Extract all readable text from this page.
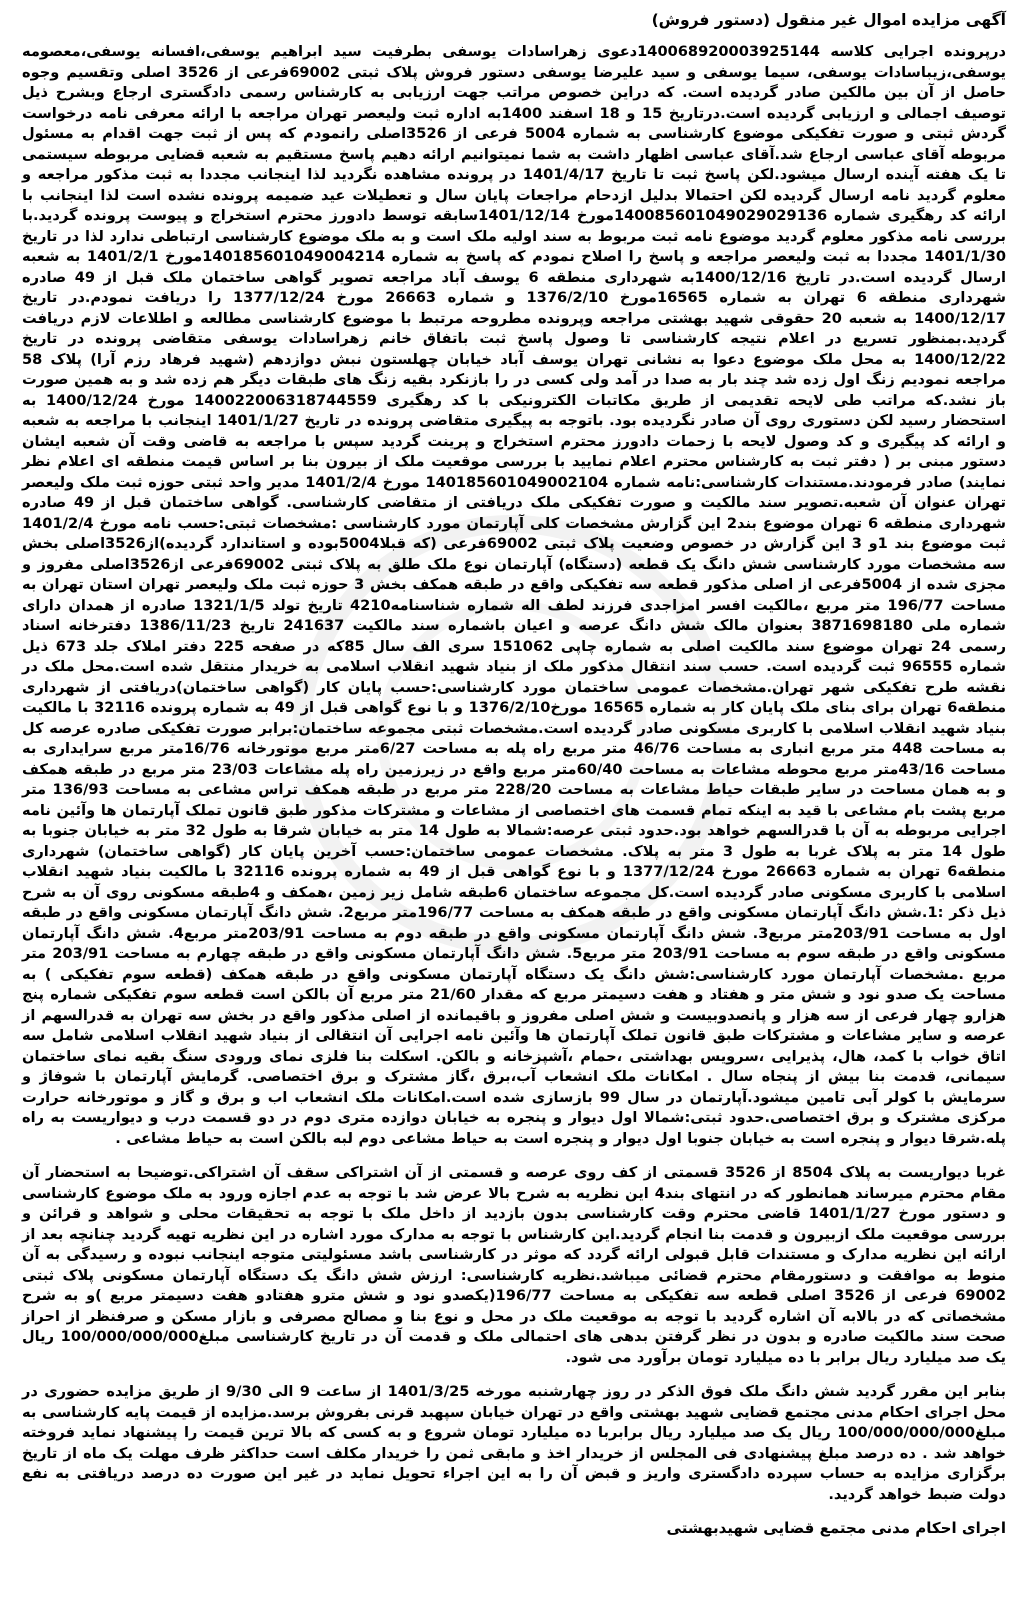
آگهی مزایده اموال غیر منقول (دستور فروش)

درپرونده اجرایی کلاسه 140068920003925144دعوی زهراسادات یوسفی بطرفیت سید ابراهیم یوسفی،افسانه یوسفی،معصومه یوسفی،زیباسادات یوسفی، سیما یوسفی و سید علیرضا یوسفی دستور فروش پلاک ثبتی 69002فرعی از 3526 اصلی وتقسیم وجوه حاصل از آن بین مالکین صادر گردیده است. که دراین خصوص مراتب جهت ارزیابی به کارشناس رسمی دادگستری ارجاع وبشرح ذیل توصیف اجمالی و ارزیابی گردیده است.درتاریخ 15 و 18 اسفند 1400به اداره ثبت ولیعصر تهران مراجعه با ارائه معرفی نامه درخواست گردش ثبتی و صورت تفکیکی موضوع کارشناسی به شماره 5004 فرعی از 3526اصلی رانمودم که پس از ثبت جهت اقدام به مسئول مربوطه آقای عباسی ارجاع شد.آقای عباسی اظهار داشت به شما نمیتوانیم ارائه دهیم پاسخ مستقیم به شعبه قضایی مربوطه سیستمی تا یک هفته آینده ارسال میشود.لکن پاسخ ثبت تا تاریخ 1401/4/17 در پرونده مشاهده نگردید لذا اینجانب مجددا به ثبت مذکور مراجعه و معلوم گردید نامه ارسال گردیده لکن احتمالا بدلیل ازدحام مراجعات پایان سال و تعطیلات عید ضمیمه پرونده نشده است لذا اینجانب با ارائه کد رهگیری شماره 140085601049029029136مورخ 1401/12/14سابقه توسط دادورز محترم استخراج و پیوست پرونده گردید.با بررسی نامه مذکور معلوم گردید موضوع نامه ثبت مربوط به سند اولیه ملک است و به ملک موضوع کارشناسی ارتباطی ندارد لذا در تاریخ 1401/1/30 مجددا به ثبت ولیعصر مراجعه و پاسخ را اصلاح نمودم که پاسخ به شماره 140185601049004214مورخ 1401/2/1 به شعبه ارسال گردیده است.در تاریخ 1400/12/16به شهرداری منطقه 6 یوسف آباد مراجعه تصویر گواهی ساختمان ملک قبل از 49 صادره شهرداری منطقه 6 تهران به شماره 16565مورخ 1376/2/10 و شماره 26663 مورخ 1377/12/24 را دریافت نمودم.در تاریخ 1400/12/17 به شعبه 20 حقوقی شهید بهشتی مراجعه وپرونده مطروحه مرتبط با موضوع کارشناسی مطالعه و اطلاعات لازم دریافت گردید.بمنظور تسریع در اعلام نتیجه کارشناسی تا وصول پاسخ ثبت باتفاق خانم زهراسادات یوسفی متقاضی پرونده در تاریخ 1400/12/22 به محل ملک موضوع دعوا به نشانی تهران یوسف آباد خیابان چهلستون نبش دوازدهم (شهید فرهاد رزم آرا) پلاک 58 مراجعه نمودیم زنگ اول زده شد چند بار به صدا در آمد ولی کسی در را بازنکرد بقیه زنگ های طبقات دیگر هم زده شد و به همین صورت باز نشد.که مراتب طی لایحه تقدیمی از طریق مکاتبات الکترونیکی با کد رهگیری 140022006318744559 مورخ 1400/12/24 به استحضار رسید لکن دستوری روی آن صادر نگردیده بود. باتوجه به پیگیری متقاضی پرونده در تاریخ 1401/1/27 اینجانب با مراجعه به شعبه و ارائه کد پیگیری و کد وصول لایحه با زحمات دادورز محترم استخراج و پرینت گردید سپس با مراجعه به قاضی وقت آن شعبه ایشان دستور مبنی بر ( دفتر ثبت به کارشناس محترم اعلام نمایید با بررسی موقعیت ملک از بیرون بنا بر اساس قیمت منطقه ای اعلام نظر نمایند) صادر فرمودند.مستندات کارشناسی:نامه شماره 140185601049002104 مورخ 1401/2/4 مدیر واحد ثبتی حوزه ثبت ملک ولیعصر تهران عنوان آن شعبه.تصویر سند مالکیت و صورت تفکیکی ملک دریافتی از متقاضی کارشناسی. گواهی ساختمان قبل از 49 صادره شهرداری منطقه 6 تهران موضوع بند2 این گزارش مشخصات کلی آپارتمان مورد کارشناسی :مشخصات ثبتی:حسب نامه مورخ 1401/2/4 ثبت موضوع بند 1و 3 این گزارش در خصوص وضعیت پلاک ثبتی 69002فرعی (که قبلا5004بوده و استاندارد گردیده)از3526اصلی بخش سه مشخصات مورد کارشناسی شش دانگ یک قطعه (دستگاه) آپارتمان نوع ملک طلق به پلاک ثبتی 69002فرعی از3526اصلی مفروز و مجزی شده از 5004فرعی از اصلی مذکور قطعه سه تفکیکی واقع در طبقه همکف بخش 3 حوزه ثبت ملک ولیعصر تهران استان تهران به مساحت 196/77 متر مربع ،مالکیت افسر امزاجدی فرزند لطف اله شماره شناسنامه4210 تاریخ تولد 1321/1/5 صادره از همدان دارای شماره ملی 3871698180 بعنوان مالک شش دانگ عرصه و اعیان باشماره سند مالکیت 241637 تاریخ 1386/11/23 دفترخانه اسناد رسمی 24 تهران موضوع سند مالکیت اصلی به شماره چاپی 151062 سری الف سال 85که در صفحه 225 دفتر املاک جلد 673 ذیل شماره 96555 ثبت گردیده است. حسب سند انتقال مذکور ملک از بنیاد شهید انقلاب اسلامی به خریدار منتقل شده است.محل ملک در نقشه طرح تفکیکی شهر تهران.مشخصات عمومی ساختمان مورد کارشناسی:حسب پایان کار (گواهی ساختمان)دریافتی از شهرداری منطقه6 تهران برای بنای ملک پایان کار به شماره 16565 مورخ1376/2/10 و با نوع گواهی قبل از 49 به شماره پرونده 32116 با مالکیت بنیاد شهید انقلاب اسلامی با کاربری مسکونی صادر گردیده است.مشخصات ثبتی مجموعه ساختمان:برابر صورت تفکیکی صادره عرصه کل به مساحت 448 متر مربع انباری به مساحت 46/76 متر مربع راه پله به مساحت 6/27متر مربع موتورخانه 16/76متر مربع سرایداری به مساحت 43/16متر مربع محوطه مشاعات به مساحت 60/40متر مربع واقع در زیرزمین راه پله مشاعات 23/03 متر مربع در طبقه همکف و به همان مساحت در سایر طبقات حیاط مشاعات به مساحت 228/20 متر مربع در طبقه همکف تراس مشاعی به مساحت 136/93 متر مربع پشت بام مشاعی با قید به اینکه تمام قسمت های اختصاصی از مشاعات و مشترکات مذکور طبق قانون تملک آپارتمان ها وآئین نامه اجرایی مربوطه به آن با قدرالسهم خواهد بود.حدود ثبتی عرصه:شمالا به طول 14 متر به خیابان شرقا به طول 32 متر به خیابان جنوبا به طول 14 متر به پلاک غربا به طول 3 متر به پلاک. مشخصات عمومی ساختمان:حسب آخرین پایان کار (گواهی ساختمان) شهرداری منطقه6 تهران به شماره 26663 مورخ 1377/12/24 و با نوع گواهی قبل از 49 به شماره پرونده 32116 با مالکیت بنیاد شهید انقلاب اسلامی با کاربری مسکونی صادر گردیده است.کل مجموعه ساختمان 6طبقه شامل زیر زمین ،همکف و 4طبقه مسکونی روی آن به شرح ذیل ذکر :1.شش دانگ آپارتمان مسکونی واقع در طبقه همکف به مساحت 196/77متر مربع2. شش دانگ آپارتمان مسکونی واقع در طبقه اول به مساحت 203/91متر مربع3. شش دانگ آپارتمان مسکونی واقع در طبقه دوم به مساحت 203/91متر مربع4. شش دانگ آپارتمان مسکونی واقع در طبقه سوم به مساحت 203/91 متر مربع5. شش دانگ آپارتمان مسکونی واقع در طبقه چهارم به مساحت 203/91 متر مربع .مشخصات آپارتمان مورد کارشناسی:شش دانگ یک دستگاه آپارتمان مسکونی واقع در طبقه همکف (قطعه سوم تفکیکی ) به مساحت یک صدو نود و شش متر و هفتاد و هفت دسیمتر مربع که مقدار 21/60 متر مربع آن بالکن است قطعه سوم تفکیکی شماره پنج هزارو چهار فرعی از سه هزار و پانصدوبیست و شش اصلی مفروز و باقیمانده از اصلی مذکور واقع در بخش سه تهران به قدرالسهم از عرصه و سایر مشاعات و مشترکات طبق قانون تملک آپارتمان ها وآئین نامه اجرایی آن انتقالی از بنیاد شهید انقلاب اسلامی شامل سه اتاق خواب با کمد، هال، پذیرایی ،سرویس بهداشتی ،حمام ،آشپزخانه و بالکن. اسکلت بنا فلزی نمای ورودی سنگ بقیه نمای ساختمان سیمانی، قدمت بنا بیش از پنجاه سال . امکانات ملک انشعاب آب،برق ،گاز مشترک و برق اختصاصی. گرمایش آپارتمان با شوفاژ و سرمایش با کولر آبی تامین میشود.آپارتمان در سال 99 بازسازی شده است.امکانات ملک انشعاب اب و برق و گاز و موتورخانه حرارت مرکزی مشترک و برق اختصاصی.حدود ثبتی:شمالا اول دیوار و پنجره به خیابان دوازده متری دوم در دو قسمت درب و دیواریست به راه پله.شرقا دیوار و پنجره است به خیابان جنوبا اول دیوار و پنجره است به حیاط مشاعی دوم لبه بالکن است به حیاط مشاعی .

غربا دیواریست به پلاک 8504 از 3526 قسمتی از کف روی عرصه و قسمتی از آن اشتراکی سقف آن اشتراکی.توضیحا به استحضار آن مقام محترم میرساند همانطور که در انتهای بند4 این نظریه به شرح بالا عرض شد با توجه به عدم اجازه ورود به ملک موضوع کارشناسی و دستور مورخ 1401/1/27 قاضی محترم وقت کارشناسی بدون بازدید از داخل ملک با توجه به تحقیقات محلی و شواهد و قرائن و بررسی موقعیت ملک ازبیرون و قدمت بنا انجام گردید.این کارشناس با توجه به مدارک مورد اشاره در این نظریه تهیه گردید چنانچه بعد از ارائه این نظریه مدارک و مستندات قابل قبولی ارائه گردد که موثر در کارشناسی باشد مسئولیتی متوجه اینجانب نبوده و رسیدگی به آن منوط به موافقت و دستورمقام محترم قضائی میباشد.نظریه کارشناسی: ارزش شش دانگ یک دستگاه آپارتمان مسکونی پلاک ثبتی 69002 فرعی از 3526 اصلی قطعه سه تفکیکی به مساحت 196/77(یکصدو نود و شش مترو هفتادو هفت دسیمتر مربع )و به شرح مشخصاتی که در بالابه آن اشاره گردید با توجه به موقعیت ملک در محل و نوع بنا و مصالح مصرفی و بازار مسکن و صرفنظر از احراز صحت سند مالکیت صادره و بدون در نظر گرفتن بدهی های احتمالی ملک و قدمت آن در تاریخ کارشناسی مبلغ100/000/000/000 ریال یک صد میلیارد ریال برابر با ده میلیارد تومان برآورد می شود.

بنابر این مقرر گردید شش دانگ ملک فوق الذکر در روز چهارشنبه مورخه 1401/3/25 از ساعت 9 الی 9/30 از طریق مزایده حضوری در محل اجرای احکام مدنی مجتمع قضایی شهید بهشتی واقع در تهران خیابان سپهبد قرنی بفروش برسد.مزایده از قیمت پایه کارشناسی به مبلغ100/000/000/000 ریال یک صد میلیارد ریال برابربا ده میلیارد تومان شروع و به کسی که بالا ترین قیمت را پیشنهاد نماید فروخته خواهد شد . ده درصد مبلغ پیشنهادی فی المجلس از خریدار اخذ و مابقی ثمن را خریدار مکلف است حداکثر ظرف مهلت یک ماه از تاریخ برگزاری مزایده به حساب سپرده دادگستری واریز و قبض آن را به این اجراء تحویل نماید در غیر این صورت ده درصد دریافتی به نفع دولت ضبط خواهد گردید.

اجرای احکام مدنی مجتمع قضایی شهیدبهشتی
